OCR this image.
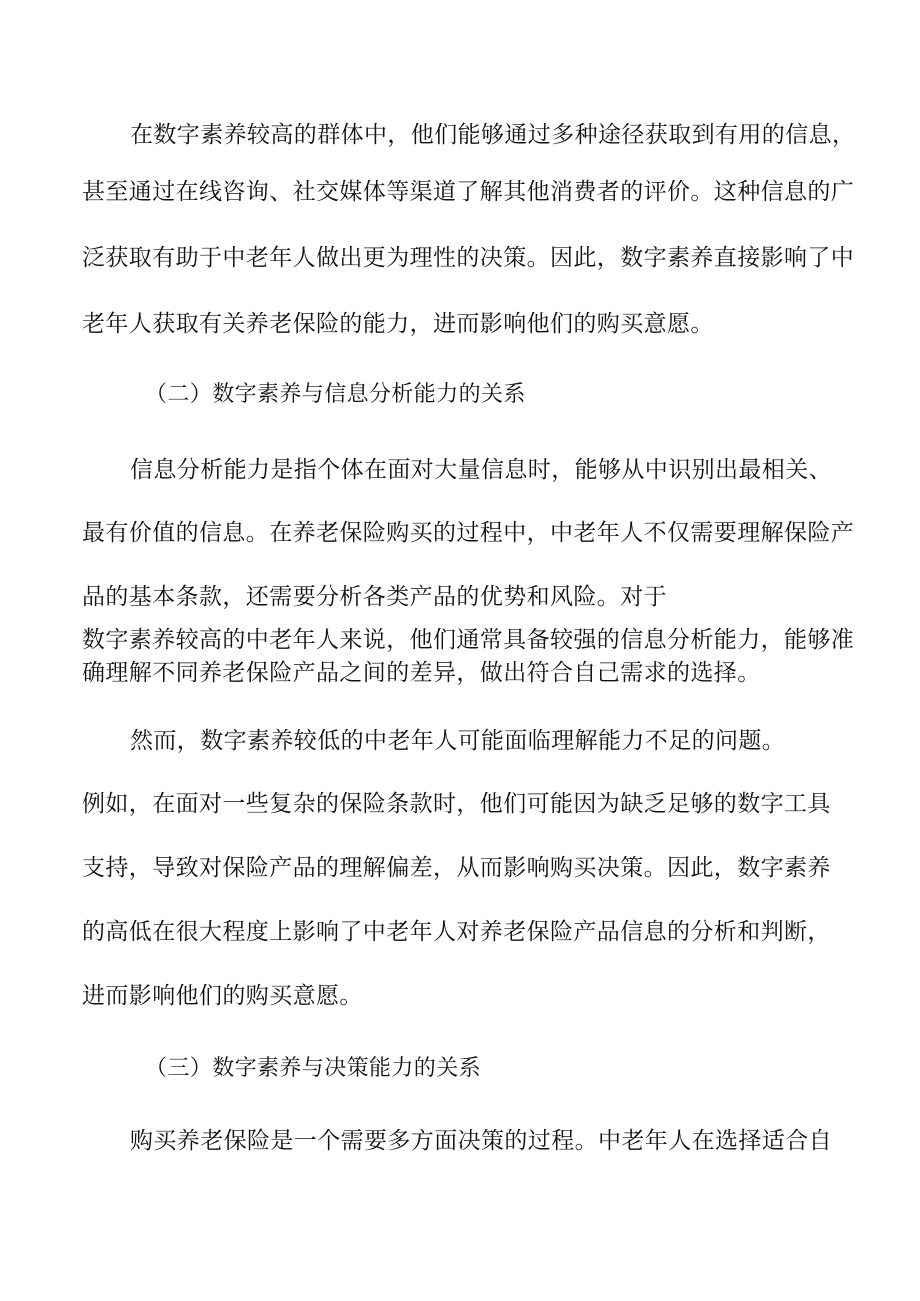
在数字素养较高的群体中，他们能够通过多种途径获取到有用的信息，

甚至通过在线咨询、社交媒体等渠道了解其他消费者的评价。这种信息的广

泛获取有助于中老年人做出更为理性的决策。因此，数字素养直接影响了中

老年人获取有关养老保险的能力，进而影响他们的购买意愿。

（二）数字素养与信息分析能力的关系

信息分析能力是指个体在面对大量信息时，能够从中识别出最相关、

最有价值的信息。在养老保险购买的过程中，中老年人不仅需要理解保险产

品的基本条款，还需要分析各类产品的优势和风险。对于

数字素养较高的中老年人来说，他们通常具备较强的信息分析能力，能够准

确理解不同养老保险产品之间的差异，做出符合自己需求的选择。

然而，数字素养较低的中老年人可能面临理解能力不足的问题。

例如，在面对一些复杂的保险条款时，他们可能因为缺乏足够的数字工具

支持，导致对保险产品的理解偏差，从而影响购买决策。因此，数字素养

的高低在很大程度上影响了中老年人对养老保险产品信息的分析和判断，

进而影响他们的购买意愿。

（三）数字素养与决策能力的关系

购买养老保险是一个需要多方面决策的过程。中老年人在选择适合自
